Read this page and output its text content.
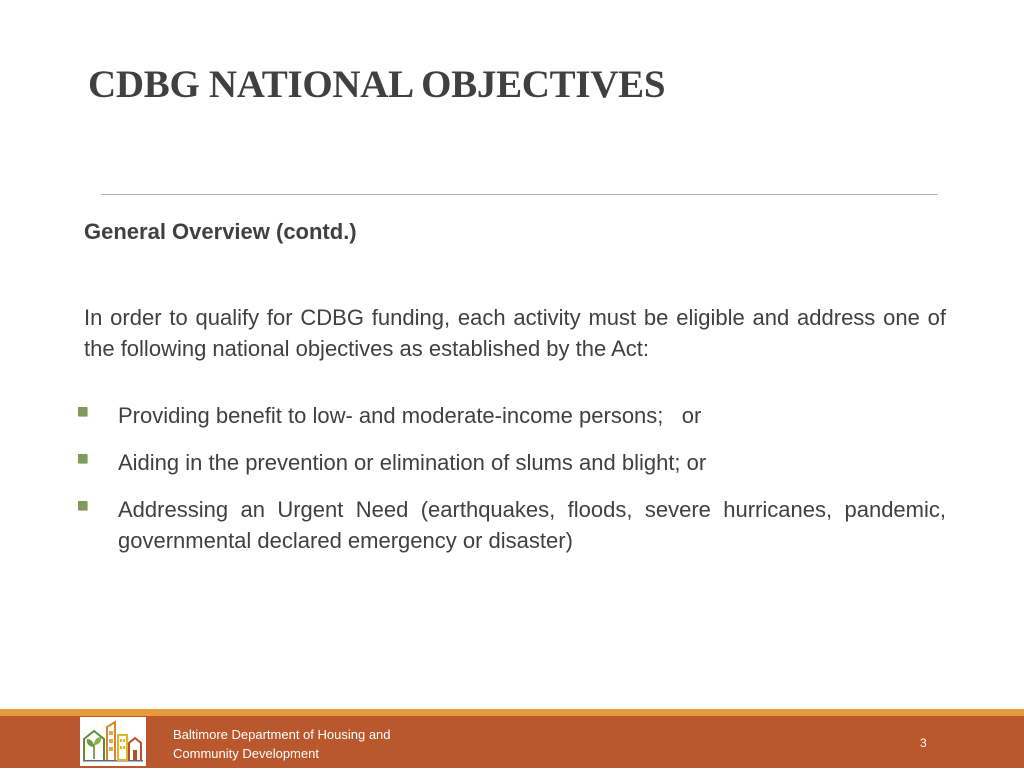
CDBG NATIONAL OBJECTIVES
General Overview (contd.)

In order to qualify for CDBG funding, each activity must be eligible and address one of the following national objectives as established by the Act:

Providing benefit to low- and moderate-income persons;   or
Aiding in the prevention or elimination of slums and blight; or
Addressing an Urgent Need (earthquakes, floods, severe hurricanes, pandemic, governmental declared emergency or disaster)
Baltimore Department of Housing and
Community Development

3
